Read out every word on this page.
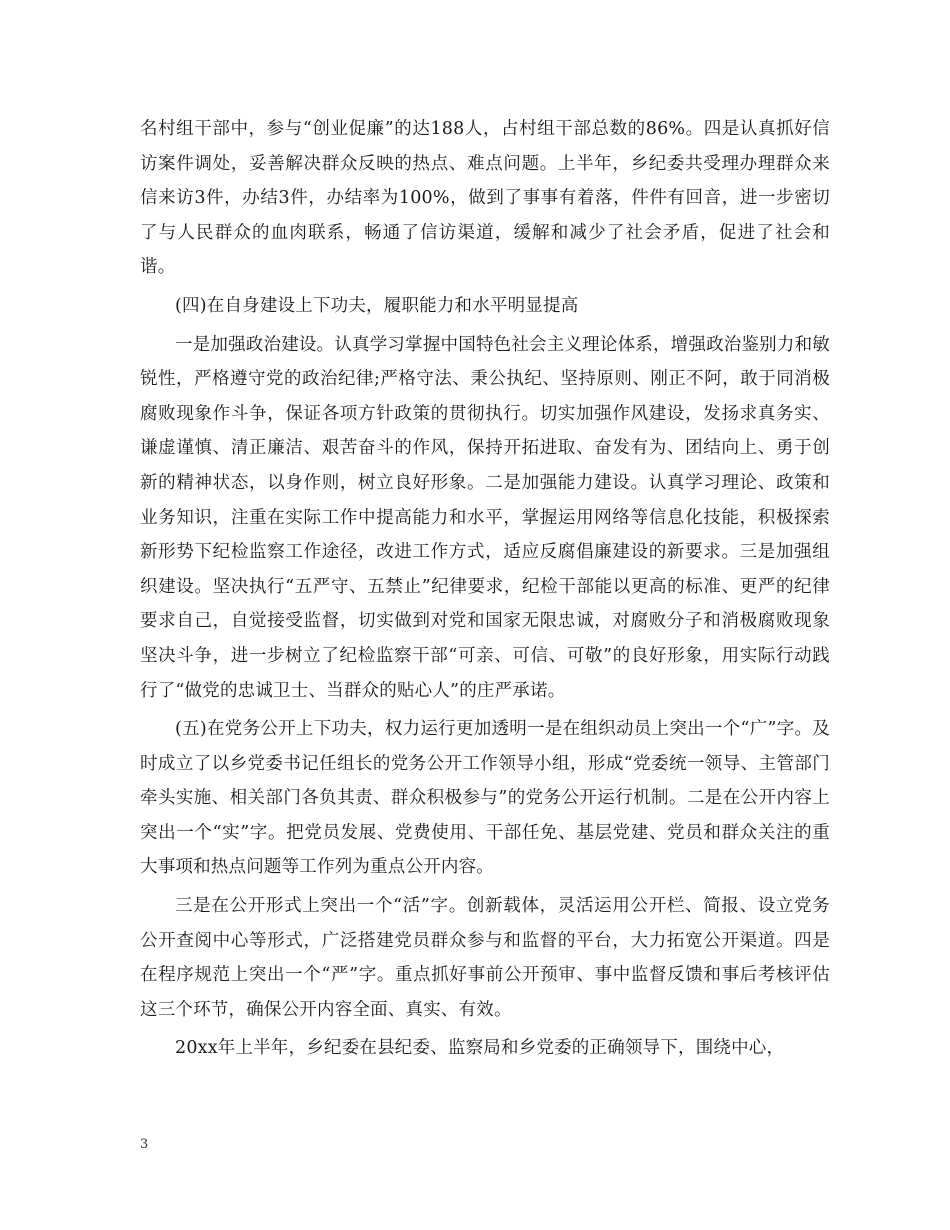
名村组干部中，参与“创业促廉”的达188人，占村组干部总数的86%。四是认真抓好信访案件调处，妥善解决群众反映的热点、难点问题。上半年，乡纪委共受理办理群众来信来访3件，办结3件，办结率为100%，做到了事事有着落，件件有回音，进一步密切了与人民群众的血肉联系，畅通了信访渠道，缓解和减少了社会矛盾，促进了社会和谐。

(四)在自身建设上下功夫，履职能力和水平明显提高

一是加强政治建设。认真学习掌握中国特色社会主义理论体系，增强政治鉴别力和敏锐性，严格遵守党的政治纪律;严格守法、秉公执纪、坚持原则、刚正不阿，敢于同消极腐败现象作斗争，保证各项方针政策的贯彻执行。切实加强作风建设，发扬求真务实、谦虚谨慎、清正廉洁、艰苦奋斗的作风，保持开拓进取、奋发有为、团结向上、勇于创新的精神状态，以身作则，树立良好形象。二是加强能力建设。认真学习理论、政策和业务知识，注重在实际工作中提高能力和水平，掌握运用网络等信息化技能，积极探索新形势下纪检监察工作途径，改进工作方式，适应反腐倡廉建设的新要求。三是加强组织建设。坚决执行“五严守、五禁止”纪律要求，纪检干部能以更高的标准、更严的纪律要求自己，自觉接受监督，切实做到对党和国家无限忠诚，对腐败分子和消极腐败现象坚决斗争，进一步树立了纪检监察干部“可亲、可信、可敬”的良好形象，用实际行动践行了“做党的忠诚卫士、当群众的贴心人”的庄严承诺。

(五)在党务公开上下功夫，权力运行更加透明一是在组织动员上突出一个“广”字。及时成立了以乡党委书记任组长的党务公开工作领导小组，形成“党委统一领导、主管部门牵头实施、相关部门各负其责、群众积极参与”的党务公开运行机制。二是在公开内容上突出一个“实”字。把党员发展、党费使用、干部任免、基层党建、党员和群众关注的重大事项和热点问题等工作列为重点公开内容。

三是在公开形式上突出一个“活”字。创新载体，灵活运用公开栏、简报、设立党务公开查阅中心等形式，广泛搭建党员群众参与和监督的平台，大力拓宽公开渠道。四是在程序规范上突出一个“严”字。重点抓好事前公开预审、事中监督反馈和事后考核评估这三个环节，确保公开内容全面、真实、有效。

20xx年上半年，乡纪委在县纪委、监察局和乡党委的正确领导下，围绕中心，

3
